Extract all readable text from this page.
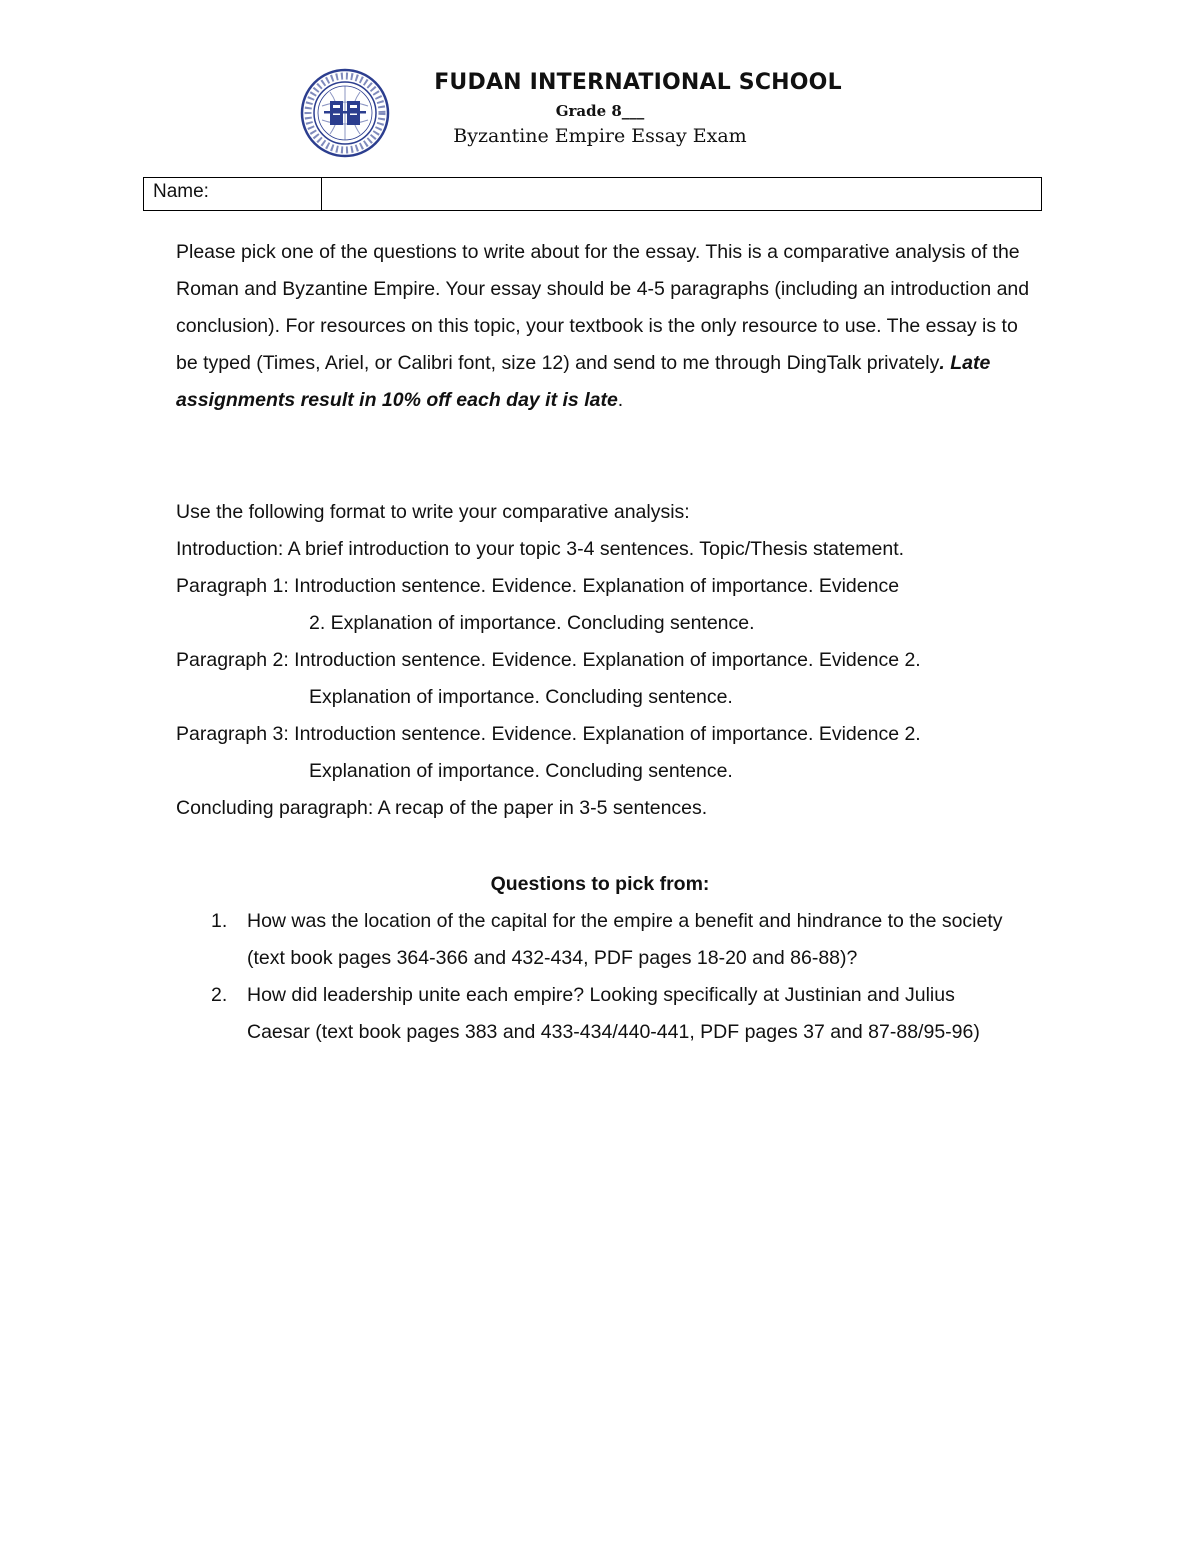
FUDAN INTERNATIONAL SCHOOL
Grade 8___
Byzantine Empire Essay Exam
Name:

Please pick one of the questions to write about for the essay. This is a comparative analysis of the Roman and Byzantine Empire. Your essay should be 4-5 paragraphs (including an introduction and conclusion). For resources on this topic, your textbook is the only resource to use. The essay is to be typed (Times, Ariel, or Calibri font, size 12) and send to me through DingTalk privately. Late assignments result in 10% off each day it is late.

Use the following format to write your comparative analysis:
Introduction: A brief introduction to your topic 3-4 sentences. Topic/Thesis statement.
Paragraph 1: Introduction sentence. Evidence. Explanation of importance. Evidence
2. Explanation of importance. Concluding sentence.
Paragraph 2: Introduction sentence. Evidence. Explanation of importance. Evidence 2.
Explanation of importance. Concluding sentence.
Paragraph 3: Introduction sentence. Evidence. Explanation of importance. Evidence 2.
Explanation of importance. Concluding sentence.
Concluding paragraph: A recap of the paper in 3-5 sentences.
Questions to pick from:
1.	How was the location of the capital for the empire a benefit and hindrance to the society (text book pages 364-366 and 432-434, PDF pages 18-20 and 86-88)?
2.	How did leadership unite each empire? Looking specifically at Justinian and Julius Caesar (text book pages 383 and 433-434/440-441, PDF pages 37 and 87-88/95-96)
